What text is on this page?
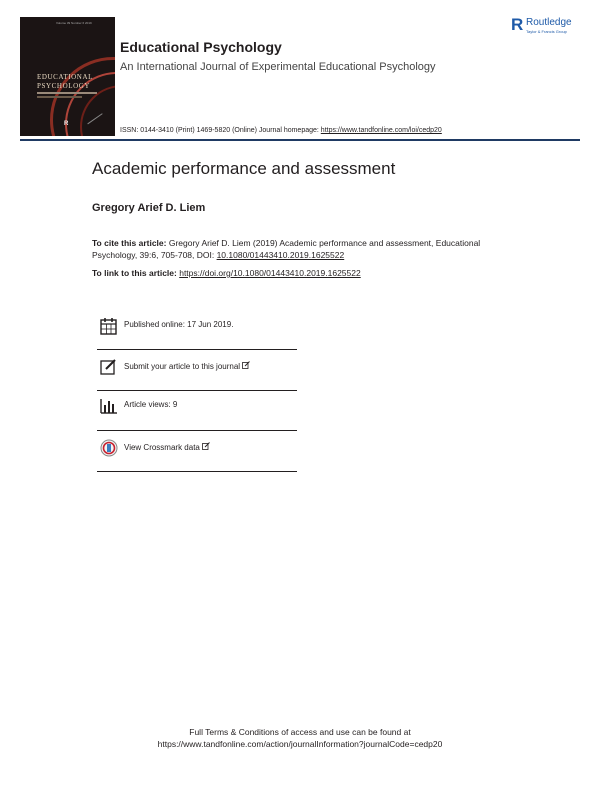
Volume 39 Number 6 2019
EDUCATIONAL
PSYCHOLOGY
R
Educational Psychology
An International Journal of Experimental Educational Psychology
ISSN: 0144-3410 (Print) 1469-5820 (Online) Journal homepage: https://www.tandfonline.com/loi/cedp20
R Routledge
Taylor & Francis Group
Academic performance and assessment
Gregory Arief D. Liem
To cite this article: Gregory Arief D. Liem (2019) Academic performance and assessment, Educational Psychology, 39:6, 705-708, DOI: 10.1080/01443410.2019.1625522
To link to this article: https://doi.org/10.1080/01443410.2019.1625522
Published online: 17 Jun 2019.
Submit your article to this journal
Article views: 9
View Crossmark data
Full Terms & Conditions of access and use can be found at
https://www.tandfonline.com/action/journalInformation?journalCode=cedp20
